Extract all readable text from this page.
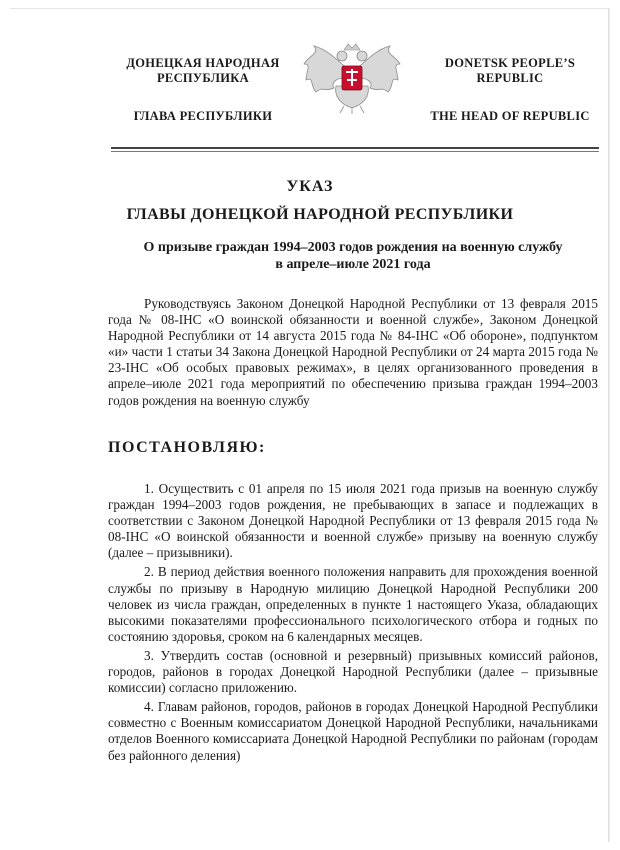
ДОНЕЦКАЯ НАРОДНАЯ
РЕСПУБЛИКА
ГЛАВА РЕСПУБЛИКИ
DONETSK PEOPLE’S
REPUBLIC
THE HEAD OF REPUBLIC
УКАЗ
ГЛАВЫ ДОНЕЦКОЙ НАРОДНОЙ РЕСПУБЛИКИ
О призыве граждан 1994–2003 годов рождения на военную службу
в апреле–июле 2021 года
Руководствуясь Законом Донецкой Народной Республики от 13 февраля 2015 года № 08-IНС «О воинской обязанности и военной службе», Законом Донецкой Народной Республики от 14 августа 2015 года № 84-IНС «Об обороне», подпунктом «и» части 1 статьи 34 Закона Донецкой Народной Республики от 24 марта 2015 года № 23-IНС «Об особых правовых режимах», в целях организованного проведения в апреле–июле 2021 года мероприятий по обеспечению призыва граждан 1994–2003 годов рождения на военную службу
ПОСТАНОВЛЯЮ:

1. Осуществить с 01 апреля по 15 июля 2021 года призыв на военную службу граждан 1994–2003 годов рождения, не пребывающих в запасе и подлежащих в соответствии с Законом Донецкой Народной Республики от 13 февраля 2015 года № 08-IНС «О воинской обязанности и военной службе» призыву на военную службу (далее – призывники).

2. В период действия военного положения направить для прохождения военной службы по призыву в Народную милицию Донецкой Народной Республики 200 человек из числа граждан, определенных в пункте 1 настоящего Указа, обладающих высокими показателями профессионального психологического отбора и годных по состоянию здоровья, сроком на 6 календарных месяцев.

3. Утвердить состав (основной и резервный) призывных комиссий районов, городов, районов в городах Донецкой Народной Республики (далее – призывные комиссии) согласно приложению.

4. Главам районов, городов, районов в городах Донецкой Народной Республики совместно с Военным комиссариатом Донецкой Народной Республики, начальниками отделов Военного комиссариата Донецкой Народной Республики по районам (городам без районного деления)
